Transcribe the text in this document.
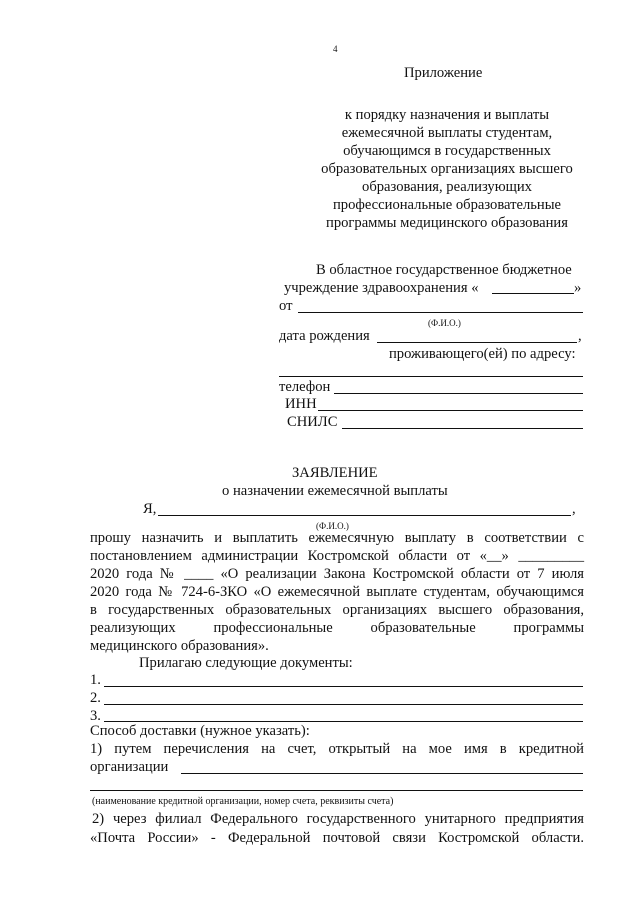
4
Приложение
к порядку назначения и выплаты
ежемесячной выплаты студентам,
обучающимся в государственных
образовательных организациях высшего
образования, реализующих
профессиональные образовательные
программы медицинского образования
В областное государственное бюджетное
учреждение здравоохранения «	»
от
(Ф.И.О.)
дата рождения	,
проживающего(ей) по адресу:
телефон
ИНН
СНИЛС
ЗАЯВЛЕНИЕ
о назначении ежемесячной выплаты
Я,	,
(Ф.И.О.)
прошу назначить и выплатить ежемесячную выплату в соответствии с
постановлением администрации Костромской области от «__» _________
2020 года № ____ «О реализации Закона Костромской области от 7 июля
2020 года № 724-6-ЗКО «О ежемесячной выплате студентам, обучающимся
в государственных образовательных организациях высшего образования,
реализующих профессиональные образовательные программы
медицинского образования».
Прилагаю следующие документы:
1.
2.
3.
Способ доставки (нужное указать):
1) путем перечисления на счет, открытый на мое имя в кредитной
организации
(наименование кредитной организации, номер счета, реквизиты счета)
2) через филиал Федерального государственного унитарного предприятия
«Почта России» - Федеральной почтовой связи Костромской области.
